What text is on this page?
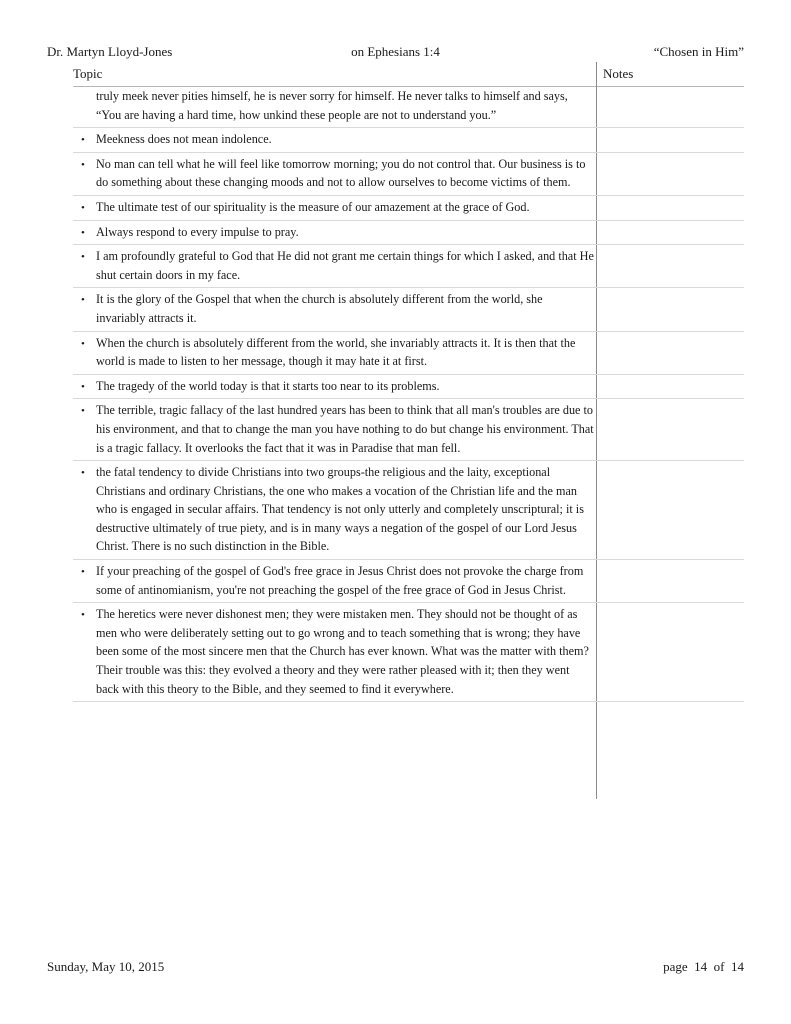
Dr. Martyn Lloyd-Jones	on Ephesians 1:4	“Chosen in Him”
Topic	Notes
truly meek never pities himself, he is never sorry for himself. He never talks to himself and says, “You are having a hard time, how unkind these people are not to understand you.”
• Meekness does not mean indolence.
• No man can tell what he will feel like tomorrow morning; you do not control that. Our business is to do something about these changing moods and not to allow ourselves to become victims of them.
• The ultimate test of our spirituality is the measure of our amazement at the grace of God.
• Always respond to every impulse to pray.
• I am profoundly grateful to God that He did not grant me certain things for which I asked, and that He shut certain doors in my face.
• It is the glory of the Gospel that when the church is absolutely different from the world, she invariably attracts it.
• When the church is absolutely different from the world, she invariably attracts it. It is then that the world is made to listen to her message, though it may hate it at first.
• The tragedy of the world today is that it starts too near to its problems.
• The terrible, tragic fallacy of the last hundred years has been to think that all man's troubles are due to his environment, and that to change the man you have nothing to do but change his environment. That is a tragic fallacy. It overlooks the fact that it was in Paradise that man fell.
• the fatal tendency to divide Christians into two groups-the religious and the laity, exceptional Christians and ordinary Christians, the one who makes a vocation of the Christian life and the man who is engaged in secular affairs. That tendency is not only utterly and completely unscriptural; it is destructive ultimately of true piety, and is in many ways a negation of the gospel of our Lord Jesus Christ. There is no such distinction in the Bible.
• If your preaching of the gospel of God's free grace in Jesus Christ does not provoke the charge from some of antinomianism, you're not preaching the gospel of the free grace of God in Jesus Christ.
• The heretics were never dishonest men; they were mistaken men. They should not be thought of as men who were deliberately setting out to go wrong and to teach something that is wrong; they have been some of the most sincere men that the Church has ever known. What was the matter with them? Their trouble was this: they evolved a theory and they were rather pleased with it; then they went back with this theory to the Bible, and they seemed to find it everywhere.
Sunday, May 10, 2015	page  14  of  14
